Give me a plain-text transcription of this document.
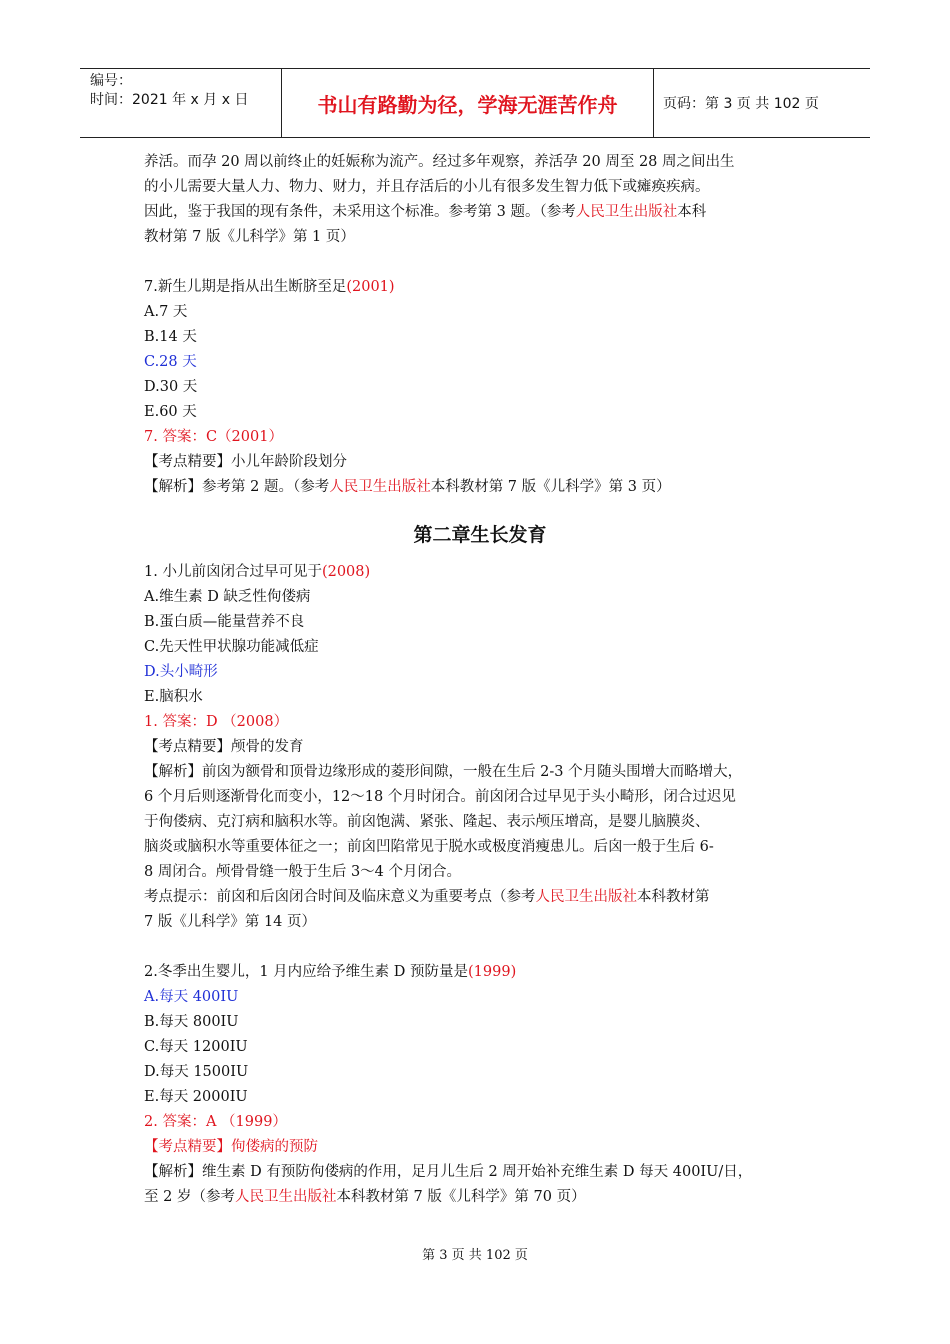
编号：
时间：2021 年 x 月 x 日	书山有路勤为径，学海无涯苦作舟	页码：第 3 页 共 102 页
养活。而孕 20 周以前终止的妊娠称为流产。经过多年观察，养活孕 20 周至 28 周之间出生
的小儿需要大量人力、物力、财力，并且存活后的小儿有很多发生智力低下或瘫痪疾病。
因此，鉴于我国的现有条件，未采用这个标准。参考第 3 题。（参考人民卫生出版社本科
教材第 7 版《儿科学》第 1 页）
7.新生儿期是指从出生断脐至足(2001)
A.7 天
B.14 天
C.28 天
D.30 天
E.60 天
7. 答案：C（2001）
【考点精要】小儿年龄阶段划分
【解析】参考第 2 题。（参考人民卫生出版社本科教材第 7 版《儿科学》第 3 页）
第二章生长发育
1. 小儿前囟闭合过早可见于(2008)
A.维生素 D 缺乏性佝偻病
B.蛋白质—能量营养不良
C.先天性甲状腺功能减低症
D.头小畸形
E.脑积水
1. 答案：D （2008）
【考点精要】颅骨的发育
【解析】前囟为额骨和顶骨边缘形成的菱形间隙，一般在生后 2-3 个月随头围增大而略增大，
6 个月后则逐渐骨化而变小，12～18 个月时闭合。前囟闭合过早见于头小畸形，闭合过迟见
于佝偻病、克汀病和脑积水等。前囟饱满、紧张、隆起、表示颅压增高，是婴儿脑膜炎、
脑炎或脑积水等重要体征之一；前囟凹陷常见于脱水或极度消瘦患儿。后囟一般于生后 6-
8 周闭合。颅骨骨缝一般于生后 3～4 个月闭合。
考点提示：前囟和后囟闭合时间及临床意义为重要考点（参考人民卫生出版社本科教材第
7 版《儿科学》第 14 页）
2.冬季出生婴儿，1 月内应给予维生素 D 预防量是(1999)
A.每天 400IU
B.每天 800IU
C.每天 1200IU
D.每天 1500IU
E.每天 2000IU
2. 答案：A （1999）
【考点精要】佝偻病的预防
【解析】维生素 D 有预防佝偻病的作用，足月儿生后 2 周开始补充维生素 D 每天 400IU/日，
至 2 岁（参考人民卫生出版社本科教材第 7 版《儿科学》第 70 页）
第 3 页 共 102 页
